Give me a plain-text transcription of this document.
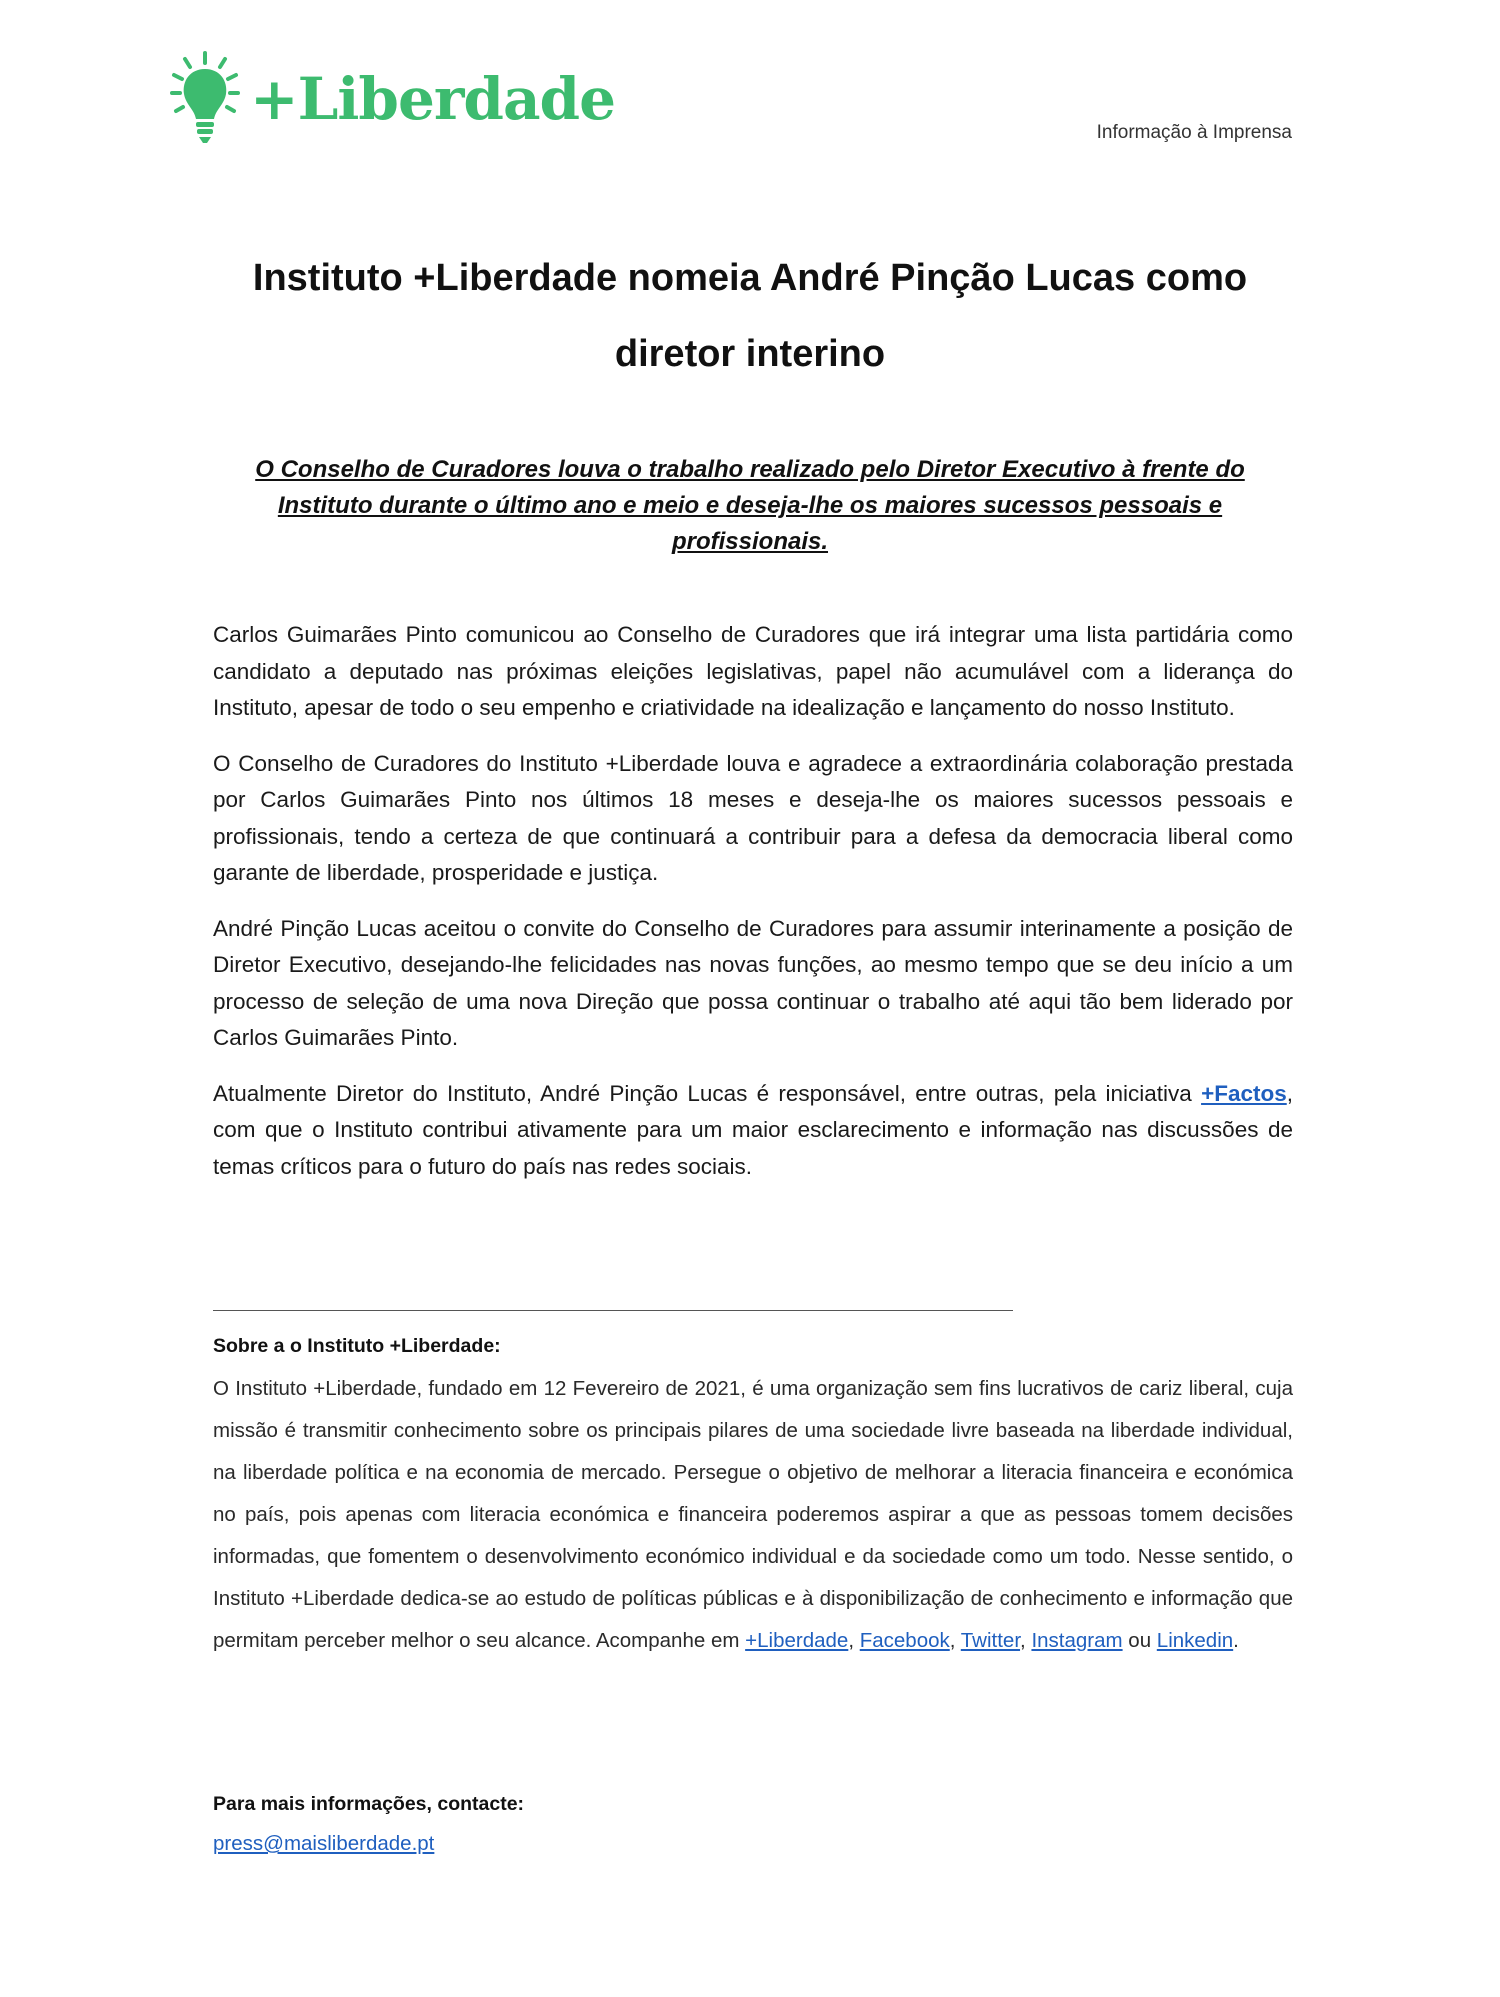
+Liberdade	Informação à Imprensa
Instituto +Liberdade nomeia André Pinção Lucas como
diretor interino
O Conselho de Curadores louva o trabalho realizado pelo Diretor Executivo à frente do Instituto durante o último ano e meio e deseja-lhe os maiores sucessos pessoais e profissionais.

Carlos Guimarães Pinto comunicou ao Conselho de Curadores que irá integrar uma lista partidária como candidato a deputado nas próximas eleições legislativas, papel não acumulável com a liderança do Instituto, apesar de todo o seu empenho e criatividade na idealização e lançamento do nosso Instituto.

O Conselho de Curadores do Instituto +Liberdade louva e agradece a extraordinária colaboração prestada por Carlos Guimarães Pinto nos últimos 18 meses e deseja-lhe os maiores sucessos pessoais e profissionais, tendo a certeza de que continuará a contribuir para a defesa da democracia liberal como garante de liberdade, prosperidade e justiça.

André Pinção Lucas aceitou o convite do Conselho de Curadores para assumir interinamente a posição de Diretor Executivo, desejando-lhe felicidades nas novas funções, ao mesmo tempo que se deu início a um processo de seleção de uma nova Direção que possa continuar o trabalho até aqui tão bem liderado por Carlos Guimarães Pinto.

Atualmente Diretor do Instituto, André Pinção Lucas é responsável, entre outras, pela iniciativa +Factos, com que o Instituto contribui ativamente para um maior esclarecimento e informação nas discussões de temas críticos para o futuro do país nas redes sociais.

Sobre a o Instituto +Liberdade:
O Instituto +Liberdade, fundado em 12 Fevereiro de 2021, é uma organização sem fins lucrativos de cariz liberal, cuja missão é transmitir conhecimento sobre os principais pilares de uma sociedade livre baseada na liberdade individual, na liberdade política e na economia de mercado. Persegue o objetivo de melhorar a literacia financeira e económica no país, pois apenas com literacia económica e financeira poderemos aspirar a que as pessoas tomem decisões informadas, que fomentem o desenvolvimento económico individual e da sociedade como um todo. Nesse sentido, o Instituto +Liberdade dedica-se ao estudo de políticas públicas e à disponibilização de conhecimento e informação que permitam perceber melhor o seu alcance. Acompanhe em +Liberdade, Facebook, Twitter, Instagram ou Linkedin.
Para mais informações, contacte:
press@maisliberdade.pt
